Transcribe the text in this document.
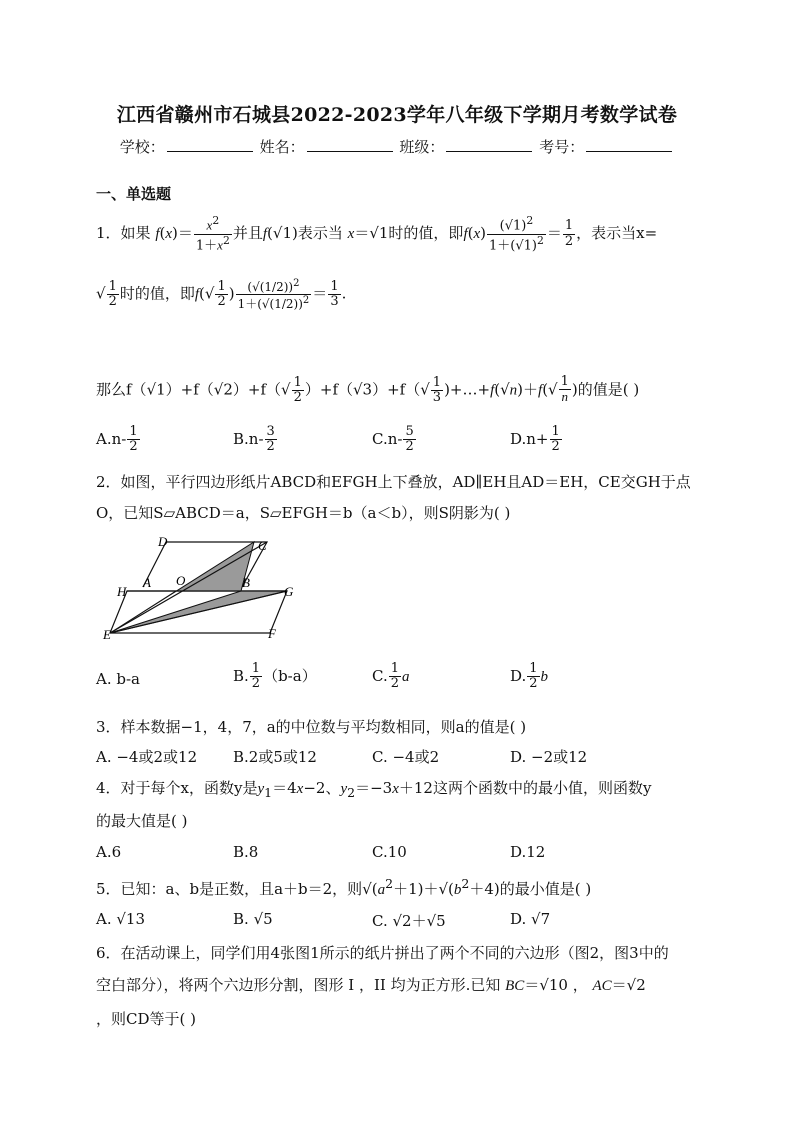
江西省赣州市石城县2022-2023学年八年级下学期月考数学试卷
学校：	姓名：	班级：	考号：
一、单选题
1．如果 $f(x)= \frac{x^2}{1+x^2}$ 并且f(√1)表示当 x＝√1时的值，即$f(x) \frac{(√1)^2}{1+(√1)^2} = \frac{1}{2}$ ，表示当x=
√ $\frac{1}{2}$ 时的值，即$f(√ \frac{1}{2}$ ) $\frac{(√(1/2))^2}{1+(√(1/2))^2} = \frac{1}{3}$ .
那么$f(√1)+f(√2)+f(√ \frac{1}{2} )+f(√3)+f(√ \frac{1}{3}$ )+…+f(√n)＋f(√ $\frac{1}{n}$ )的值是( )
$A.n- \frac{1}{2}$	$B.n- \frac{3}{2}$	$C.n- \frac{5}{2}$	$D.n+ \frac{1}{2}$
2．如图，平行四边形纸片ABCD和EFGH上下叠放，AD∥EH且AD＝EH，CE交GH于点
O，已知S▱ABCD＝a，S▱EFGH＝b（a＜b），则S阴影为( )
D	C
A O	B
H	G
E	F
A. b-a	B. $\frac{1}{2} (b-a)$	C. $\frac{1}{2}$ a	D. $\frac{1}{2}$ b
3．样本数据−1，4，7，a的中位数与平均数相同，则a的值是( )
A. −4或2或12 B.2或5或12	C. −4或2	D. −2或12
4．对于每个x，函数y是$y_1=4x-2$、$y_2=-3x+12$这两个函数中的最小值，则函数y
的最大值是( )
A.6	B.8	C.10	D.12
5．已知：a、b是正数，且a＋b＝2，则$√(a^2+1)+√(b^2+4)$的最小值是( )
A. √13	B. √5	C. √2＋√5	D. √7
6．在活动课上，同学们用4张图1所示的纸片拼出了两个不同的六边形（图2，图3中的
空白部分），将两个六边形分割，图形 I ，II 均为正方形.已知 BC＝√10 ， AC＝√2
，则CD等于( )
